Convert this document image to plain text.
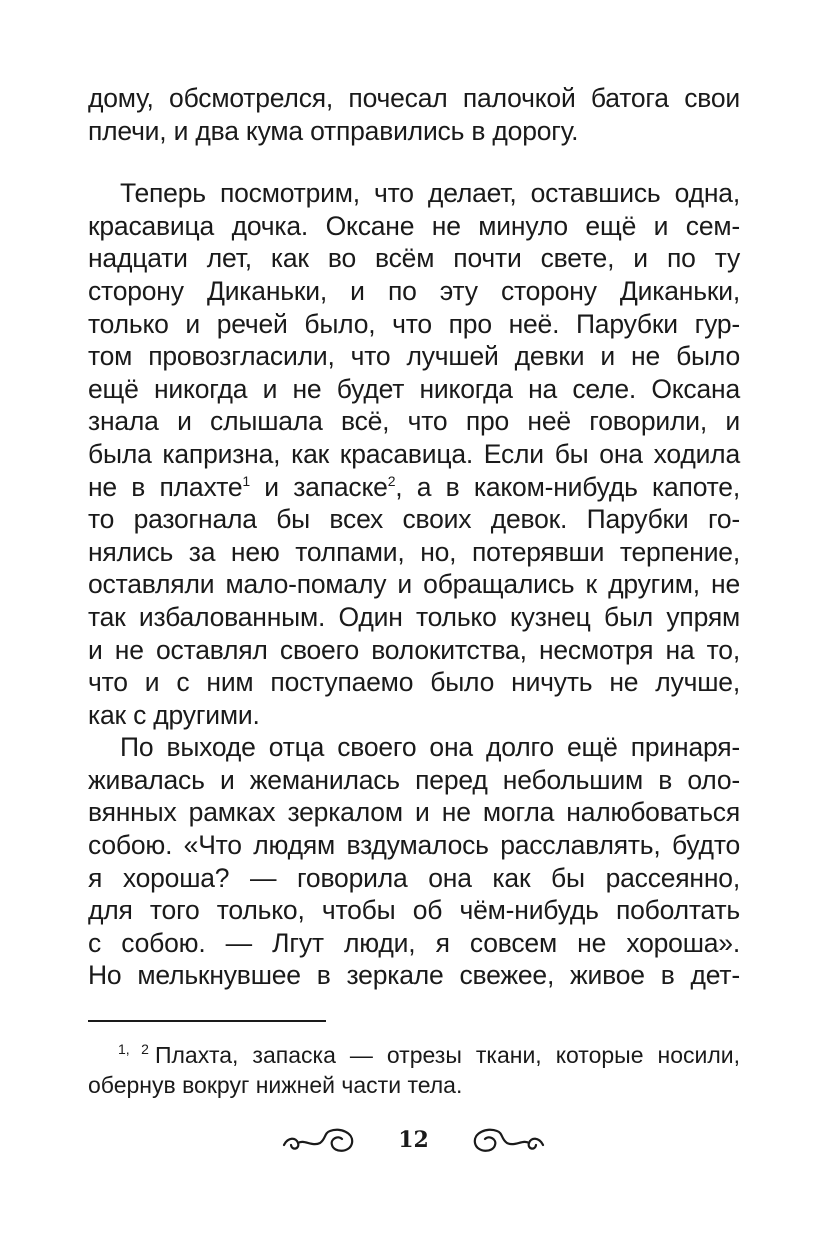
дому, обсмотрелся, почесал палочкой батога свои
плечи, и два кума отправились в дорогу.

Теперь посмотрим, что делает, оставшись одна,
красавица дочка. Оксане не минуло ещё и сем-
надцати лет, как во всём почти свете, и по ту
сторону Диканьки, и по эту сторону Диканьки,
только и речей было, что про неё. Парубки гур-
том провозгласили, что лучшей девки и не было
ещё никогда и не будет никогда на селе. Оксана
знала и слышала всё, что про неё говорили, и
была капризна, как красавица. Если бы она ходила
не в плахте$^1$ и запаске$^2$, а в каком-нибудь капоте,
то разогнала бы всех своих девок. Парубки го-
нялись за нею толпами, но, потерявши терпение,
оставляли мало-помалу и обращались к другим, не
так избалованным. Один только кузнец был упрям
и не оставлял своего волокитства, несмотря на то,
что и с ним поступаемо было ничуть не лучше,
как с другими.

По выходе отца своего она долго ещё принаря-
живалась и жеманилась перед небольшим в оло-
вянных рамках зеркалом и не могла налюбоваться
собою. «Что людям вздумалось расславлять, будто
я хороша? — говорила она как бы рассеянно,
для того только, чтобы об чём-нибудь поболтать
с собою. — Лгут люди, я совсем не хороша».
Но мелькнувшее в зеркале свежее, живое в дет-

$^{1, 2}$ Плахта, запаска — отрезы ткани, которые носили,
обернув вокруг нижней части тела.
12
